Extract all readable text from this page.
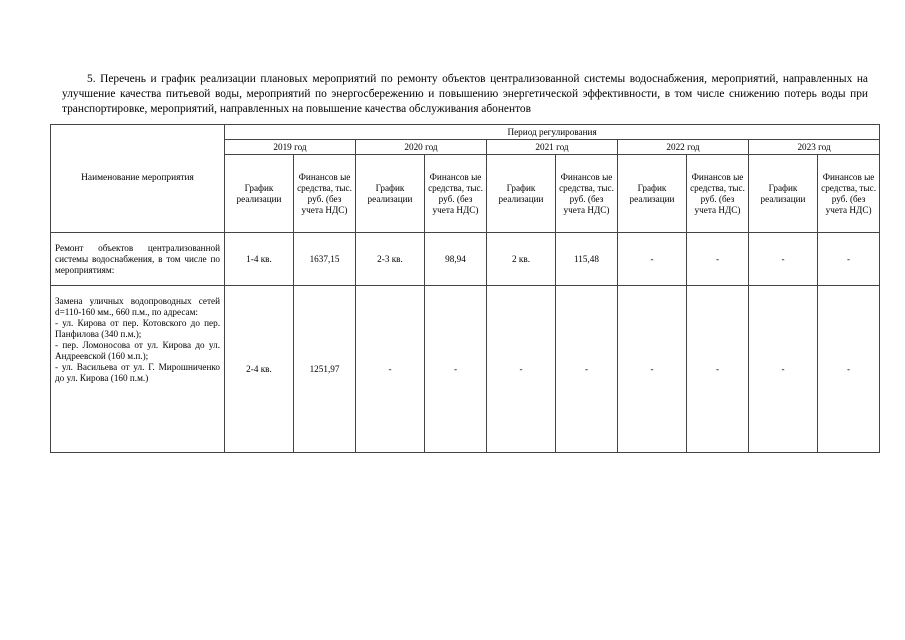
5. Перечень и график реализации плановых мероприятий по ремонту объектов централизованной системы водоснабжения, мероприятий, направленных на улучшение качества питьевой воды, мероприятий по энергосбережению и повышению энергетической эффективности, в том числе снижению потерь воды при транспортировке, мероприятий, направленных на повышение качества обслуживания абонентов

Наименование мероприятия	Период регулирования									
	2019 год		2020 год		2021 год		2022 год		2023 год	
	График реализации	Финансов ые средства, тыс. руб. (без учета НДС)	График реализации	Финансов ые средства, тыс. руб. (без учета НДС)	График реализации	Финансов ые средства, тыс. руб. (без учета НДС)	График реализации	Финансов ые средства, тыс. руб. (без учета НДС)	График реализации	Финансов ые средства, тыс. руб. (без учета НДС)
Ремонт объектов централизованной системы водоснабжения, в том числе по мероприятиям:	1-4 кв.	1637,15	2-3 кв.	98,94	2 кв.	115,48	-	-	-	-
Замена уличных водопроводных сетей d=110-160 мм., 660 п.м., по адресам:
- ул. Кирова от пер. Котовского до пер. Панфилова (340 п.м.);
- пер. Ломоносова от ул. Кирова до ул. Андреевской (160 м.п.);
- ул. Васильева от ул. Г. Мирошниченко до ул. Кирова (160 п.м.)	2-4 кв.	1251,97	-	-	-	-	-	-	-	-
